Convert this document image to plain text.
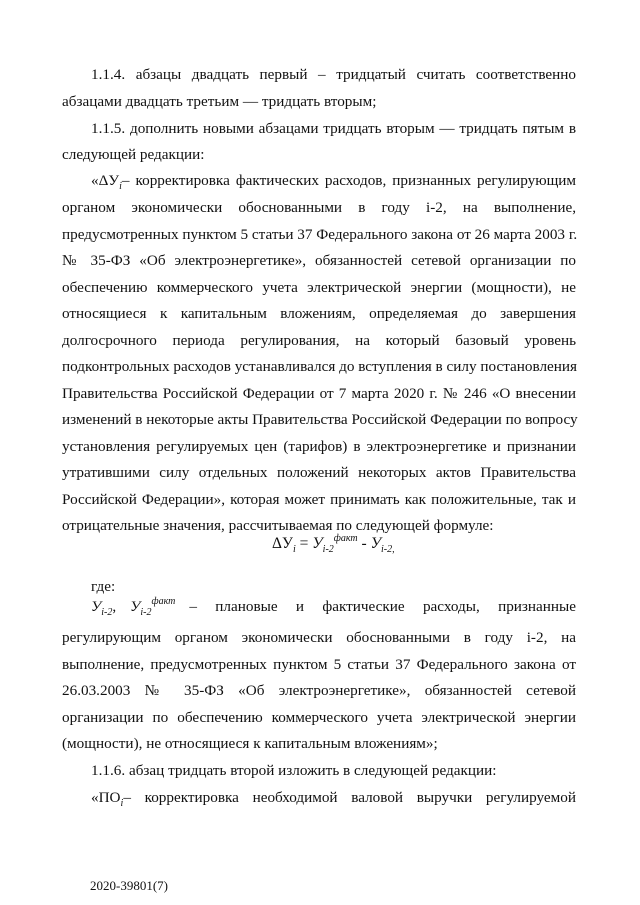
1.1.4. абзацы двадцать первый – тридцатый считать соответственно
абзацами двадцать третьим — тридцать вторым;
1.1.5. дополнить новыми абзацами тридцать вторым — тридцать пятым в
следующей редакции:
«$\Delta У_i$ – корректировка фактических расходов, признанных регулирующим
органом экономически обоснованными в году i-2, на выполнение,
предусмотренных пунктом 5 статьи 37 Федерального закона от 26 марта 2003 г.
№ 35-ФЗ «Об электроэнергетике», обязанностей сетевой организации по
обеспечению коммерческого учета электрической энергии (мощности), не
относящиеся к капитальным вложениям, определяемая до завершения
долгосрочного периода регулирования, на который базовый уровень
подконтрольных расходов устанавливался до вступления в силу постановления
Правительства Российской Федерации от 7 марта 2020 г. № 246 «О внесении
изменений в некоторые акты Правительства Российской Федерации по вопросу
установления регулируемых цен (тарифов) в электроэнергетике и признании
утратившими силу отдельных положений некоторых актов Правительства
Российской Федерации», которая может принимать как положительные, так и
отрицательные значения, рассчитываемая по следующей формуле:
$\Delta У_i = У_{i-2}^{факт} - У_{i-2,}$
где:
У i-2 , У i-2
факт – плановые и фактические расходы, признанные
регулирующим органом экономически обоснованными в году i-2, на
выполнение, предусмотренных пунктом 5 статьи 37 Федерального закона от
26.03.2003 № 35-ФЗ «Об электроэнергетике», обязанностей сетевой
организации по обеспечению коммерческого учета электрической энергии
(мощности), не относящиеся к капитальным вложениям»;
1.1.6. абзац тридцать второй изложить в следующей редакции:
«$ПО_i$ – корректировка необходимой валовой выручки регулируемой
2020-39801(7)
